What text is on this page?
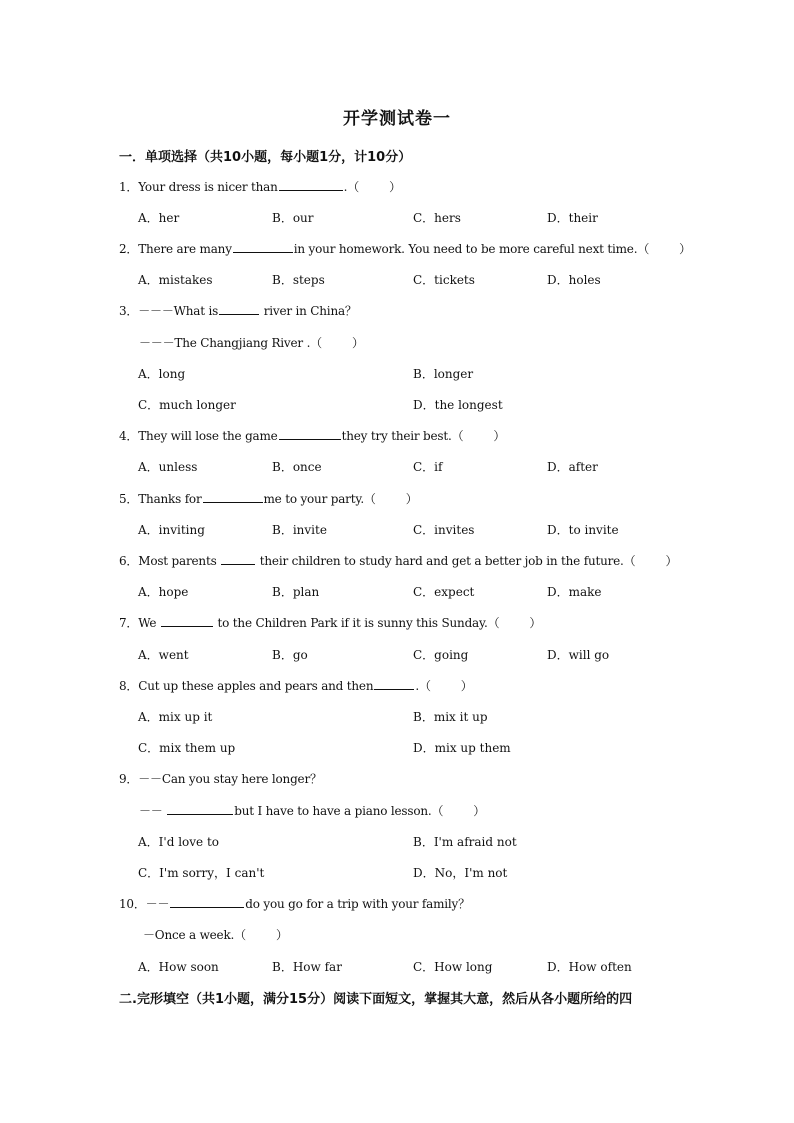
开学测试卷一
一．单项选择（共10小题，每小题1分，计10分）
1．Your dress is nicer than	.（	）
A．her	B．our	C．hers	D．their
2．There are many	in your homework. You need to be more careful next time.（	）
A．mistakes	B．steps	C．tickets	D．holes
3．－－－What is	river in China？
－－－The Changjiang River .（	）
A．long	B．longer
C．much longer	D．the longest
4．They will lose the game	they try their best.（	）
A．unless	B．once	C．if	D．after
5．Thanks for	me to your party.（	）
A．inviting	B．invite	C．invites	D．to invite
6．Most parents	their children to study hard and get a better job in the future.（	）
A．hope	B．plan	C．expect	D．make
7．We	to the Children Park if it is sunny this Sunday.（	）
A．went	B．go	C．going	D．will go
8．Cut up these apples and pears and then	.（	）
A．mix up it	B．mix it up
C．mix them up	D．mix up them
9．－－Can you stay here longer？
－－	but I have to have a piano lesson.（	）
A．I'd love to	B．I'm afraid not
C．I'm sorry，I can't	D．No，I'm not
10．－－	do you go for a trip with your family？
－Once a week.（	）
A．How soon	B．How far	C．How long	D．How often
二.完形填空（共1小题，满分15分）阅读下面短文，掌握其大意，然后从各小题所给的四
